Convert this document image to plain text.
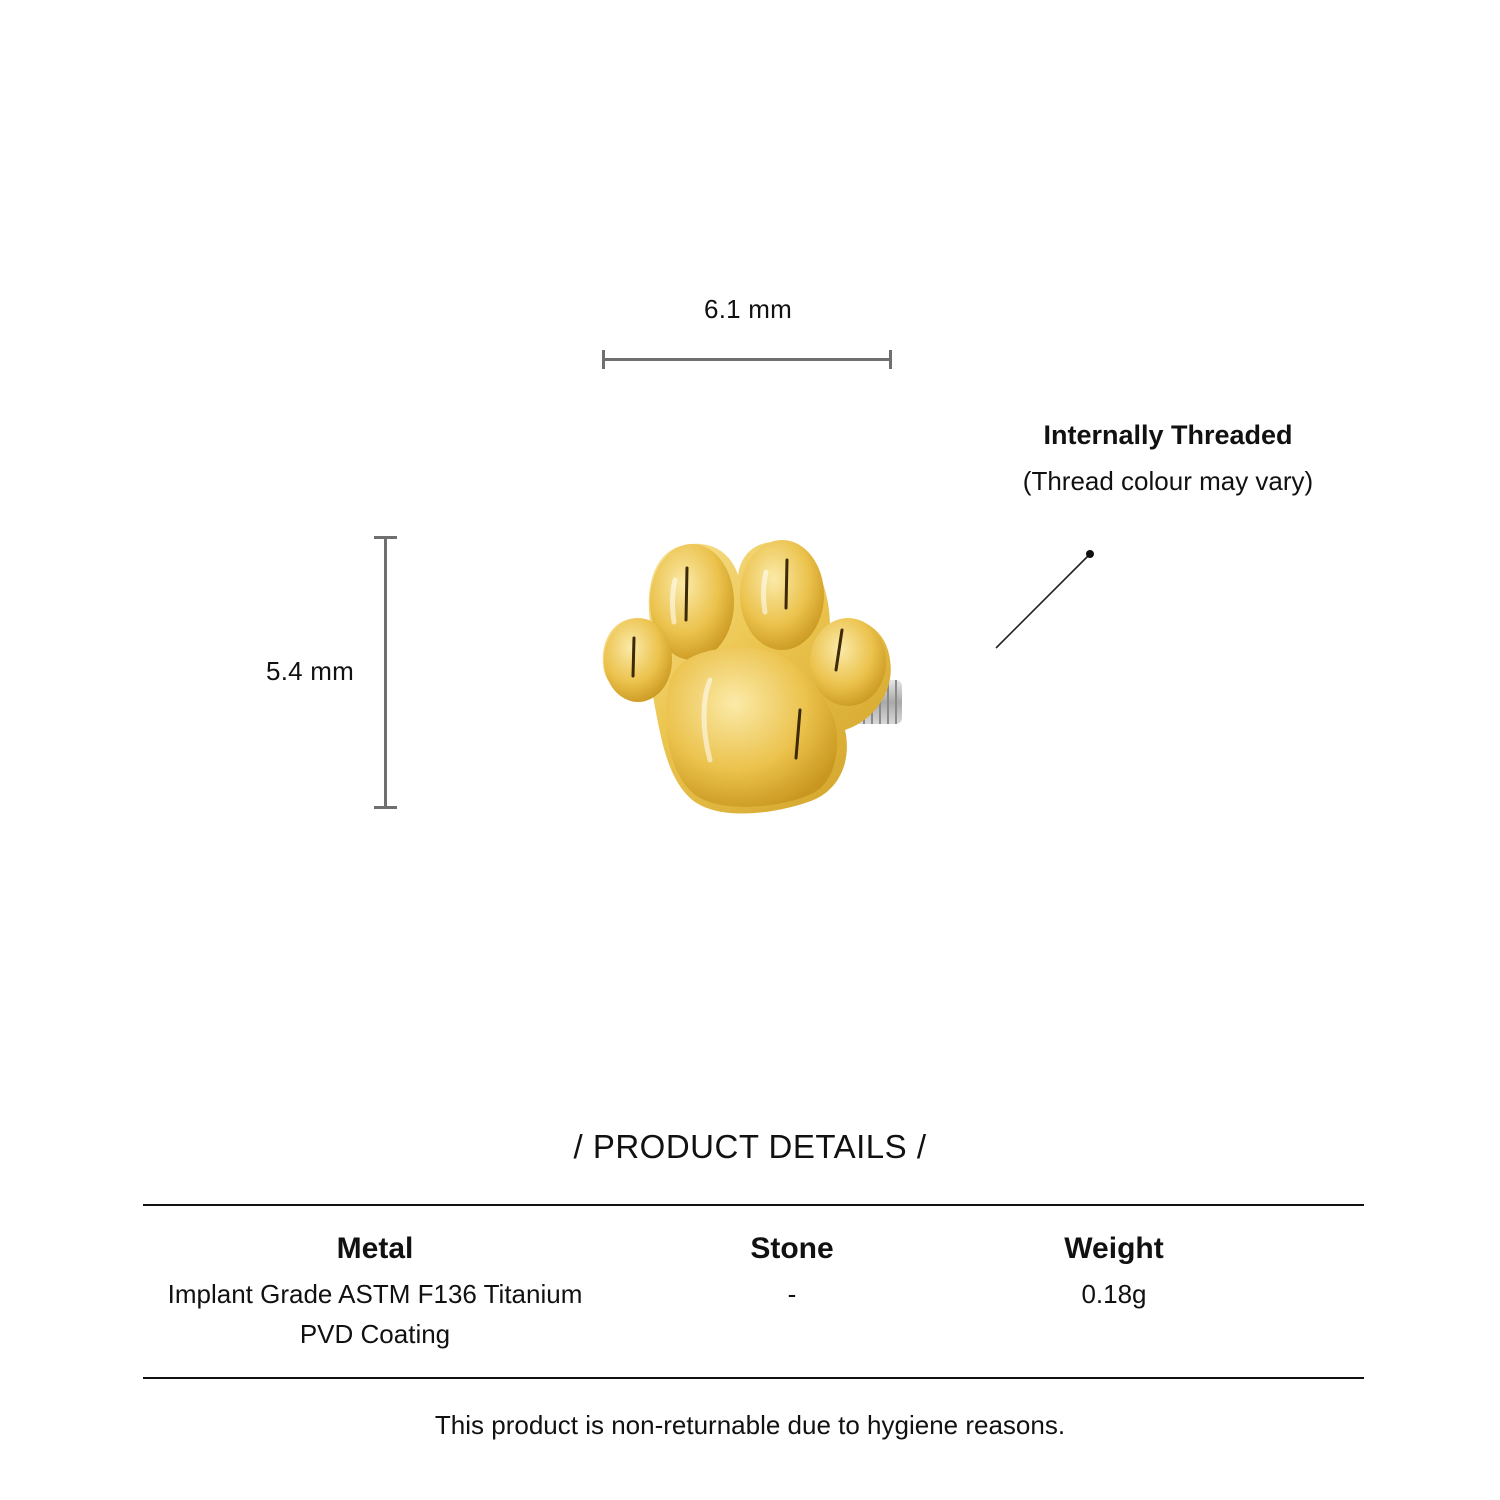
6.1 mm
5.4 mm
Internally Threaded
(Thread colour may vary)
/ PRODUCT DETAILS /
Metal
Implant Grade ASTM F136 Titanium
PVD Coating
Stone
-
Weight
0.18g
This product is non-returnable due to hygiene reasons.
